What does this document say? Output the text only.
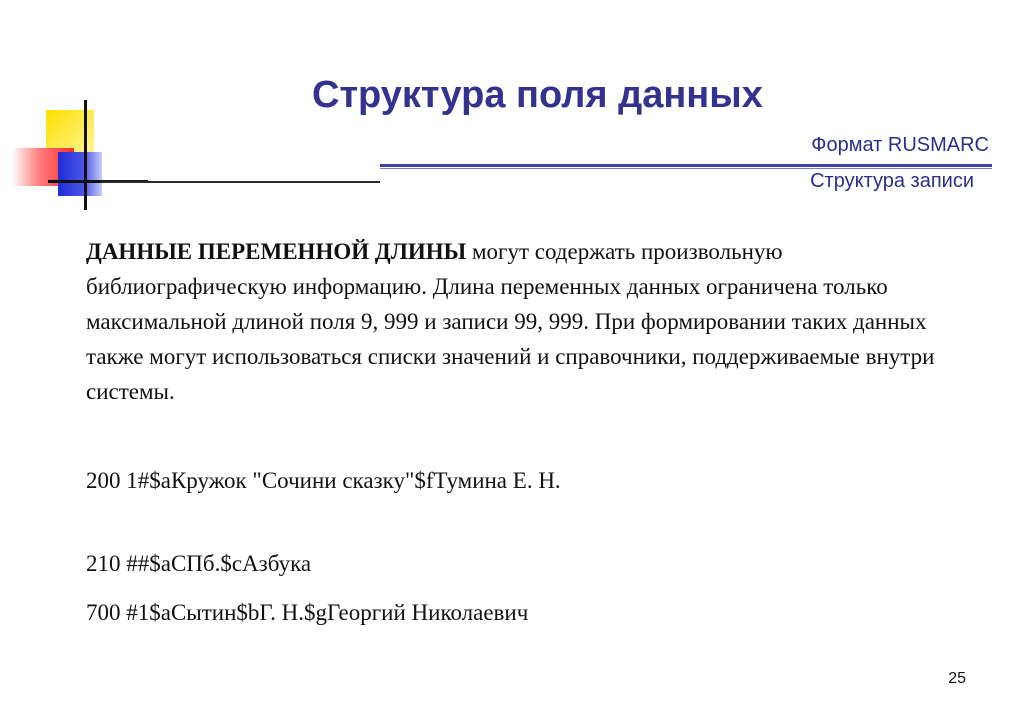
Структура поля данных
Формат RUSMARC
Структура записи
ДАННЫЕ ПЕРЕМЕННОЙ ДЛИНЫ могут содержать произвольную библиографическую информацию. Длина переменных данных ограничена только максимальной длиной поля 9, 999 и записи 99, 999. При формировании таких данных также могут использоваться списки значений и справочники, поддерживаемые внутри системы.
200 1#$aКружок "Сочини сказку"$fТумина Е. Н.
210 ##$aСПб.$cАзбука
700 #1$aСытин$bГ. Н.$gГеоргий Николаевич
25
